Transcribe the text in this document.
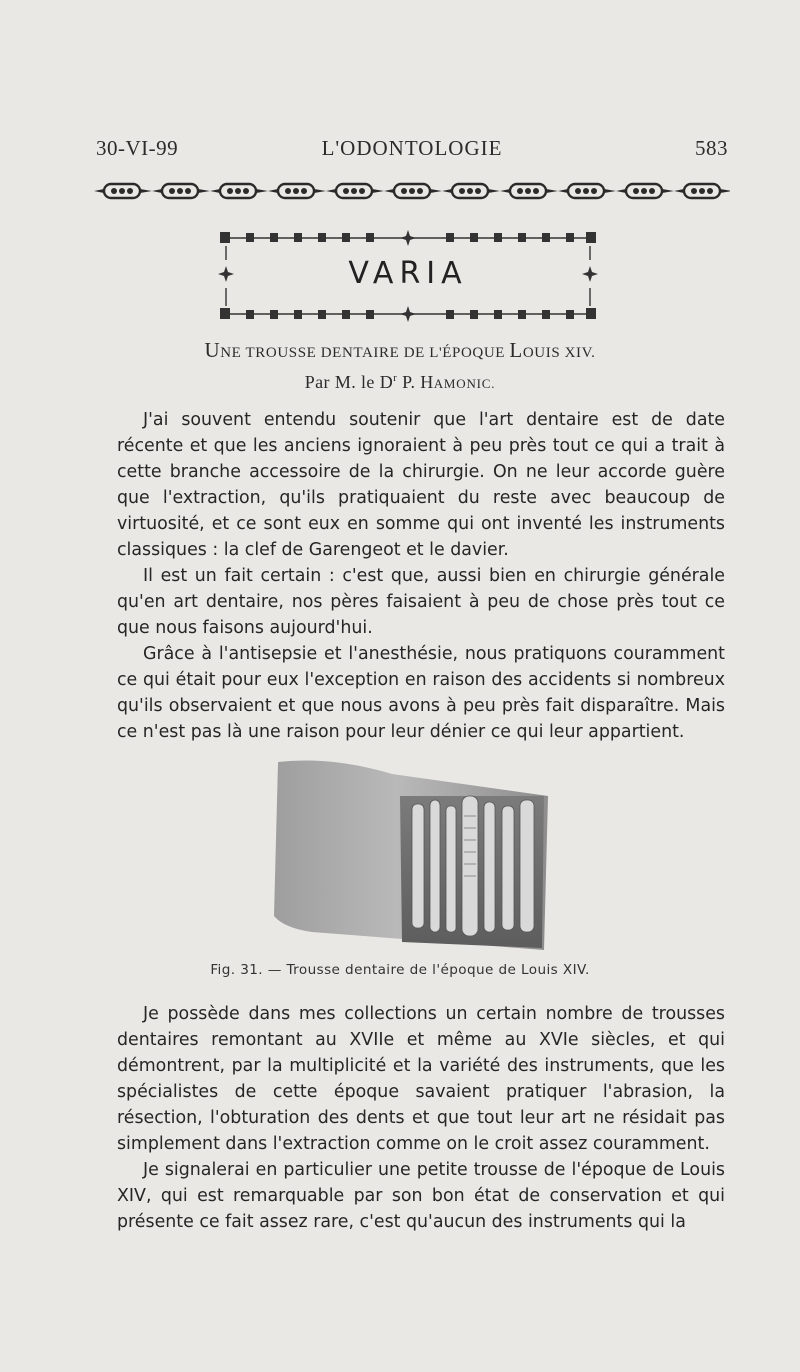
30-VI-99	L'ODONTOLOGIE	583
VARIA
UNE TROUSSE DENTAIRE DE L'ÉPOQUE LOUIS XIV.
Par M. le $D^r$ P. HAMONIC.

J'ai souvent entendu soutenir que l'art dentaire est de date récente et que les anciens ignoraient à peu près tout ce qui a trait à cette branche accessoire de la chirurgie. On ne leur accorde guère que l'extraction, qu'ils pratiquaient du reste avec beaucoup de virtuosité, et ce sont eux en somme qui ont inventé les instruments classiques : la clef de Garengeot et le davier.

Il est un fait certain : c'est que, aussi bien en chirurgie générale qu'en art dentaire, nos pères faisaient à peu de chose près tout ce que nous faisons aujourd'hui.

Grâce à l'antisepsie et l'anesthésie, nous pratiquons couramment ce qui était pour eux l'exception en raison des accidents si nombreux qu'ils observaient et que nous avons à peu près fait disparaître. Mais ce n'est pas là une raison pour leur dénier ce qui leur appartient.

Fig. 31. — Trousse dentaire de l'époque de Louis XIV.

Je possède dans mes collections un certain nombre de trousses dentaires remontant au XVIIe et même au XVIe siècles, et qui démontrent, par la multiplicité et la variété des instruments, que les spécialistes de cette époque savaient pratiquer l'abrasion, la résection, l'obturation des dents et que tout leur art ne résidait pas simplement dans l'extraction comme on le croit assez couramment.

Je signalerai en particulier une petite trousse de l'époque de Louis XIV, qui est remarquable par son bon état de conservation et qui présente ce fait assez rare, c'est qu'aucun des instruments qui la
